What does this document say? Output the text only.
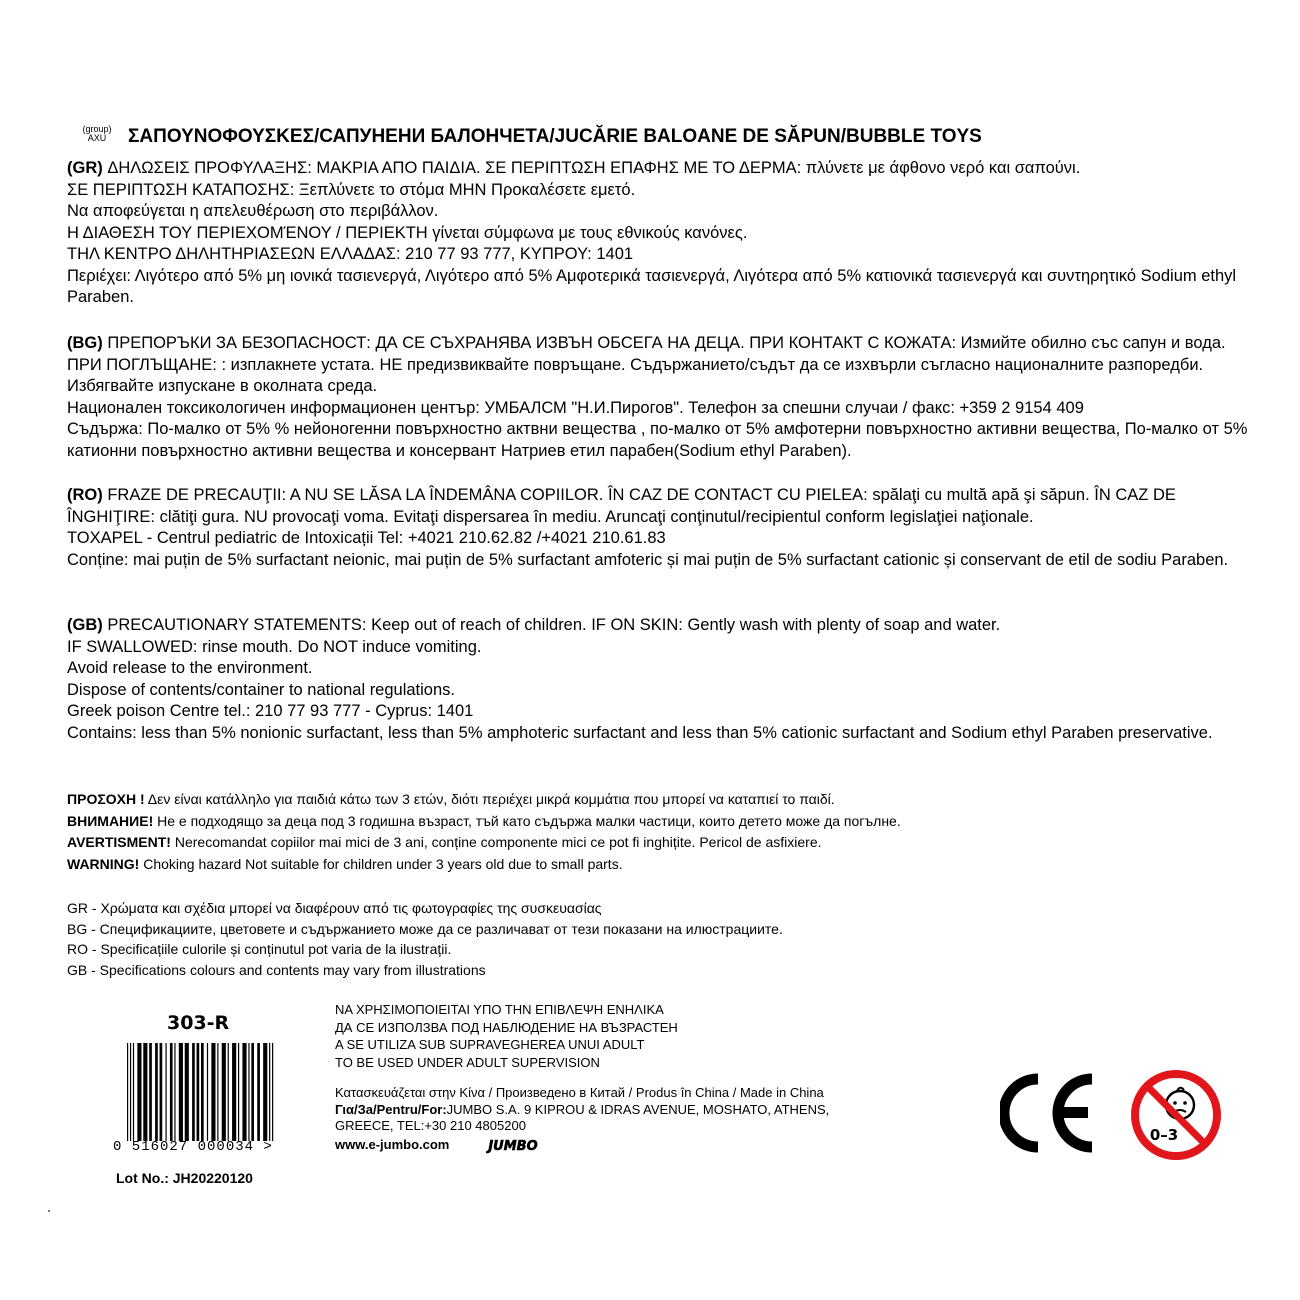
(group)
AXU	ΣΑΠΟΥΝΟΦΟΥΣΚΕΣ/САПУНЕНИ БАЛОНЧЕТА/JUCĂRIE BALOANE DE SĂPUN/BUBBLE TOYS

(GR) ΔΗΛΩΣΕΙΣ ΠΡΟΦΥΛΑΞΗΣ: ΜΑΚΡΙΑ ΑΠΟ ΠΑΙΔΙΑ. ΣΕ ΠΕΡΙΠΤΩΣΗ ΕΠΑΦΗΣ ΜΕ ΤΟ ΔΕΡΜΑ: πλύνετε με άφθονο νερό και σαπούνι.

ΣΕ ΠΕΡΙΠΤΩΣΗ ΚΑΤΑΠΟΣΗΣ: Ξεπλύνετε το στόμα ΜΗΝ Προκαλέσετε εμετό.

Να αποφεύγεται η απελευθέρωση στο περιβάλλον.

Η ΔΙΑΘΕΣΗ ΤΟΥ ΠΕΡΙΕΧΟΜΈΝΟΥ / ΠΕΡΙΕΚΤΗ γίνεται σύμφωνα με τους εθνικούς κανόνες.

ΤΗΛ ΚΕΝΤΡΟ ΔΗΛΗΤΗΡΙΑΣΕΩΝ ΕΛΛΑΔΑΣ: 210 77 93 777, ΚΥΠΡΟΥ: 1401

Περιέχει: Λιγότερο από 5% μη ιονικά τασιενεργά, Λιγότερο από 5% Αμφοτερικά τασιενεργά, Λιγότερα από 5% κατιονικά τασιενεργά και συντηρητικό Sodium ethyl Paraben.

(BG) ПРЕПОРЪКИ ЗА БЕЗОПАСНОСТ: ДА СЕ СЪХРАНЯВА ИЗВЪН ОБСЕГА НА ДЕЦА. ПРИ КОНТАКТ С КОЖАТА: Измийте обилно със сапун и вода. ПРИ ПОГЛЪЩАНЕ: : изплакнете устата. НЕ предизвиквайте повръщане. Съдържанието/съдът да се изхвърли съгласно националните разпоредби. Избягвайте изпускане в околната среда.

Национален токсикологичен информационен център: УМБАЛСМ "Н.И.Пирогов". Телефон за спешни случаи / факс: +359 2 9154 409

Съдържа: По-малко от 5% % нейоногенни повърхностно актвни вещества , по-малко от 5% амфотерни повърхностно активни вещества, По-малко от 5% катионни повърхностно активни вещества и консервант Натриев етил парабен(Sodium ethyl Paraben).

(RO) FRAZE DE PRECAUŢII: A NU SE LĂSA LA ÎNDEMÂNA COPIILOR. ÎN CAZ DE CONTACT CU PIELEA: spălaţi cu multă apă şi săpun. ÎN CAZ DE ÎNGHIŢIRE: clătiţi gura. NU provocaţi voma. Evitaţi dispersarea în mediu. Aruncaţi conţinutul/recipientul conform legislaţiei naţionale.

TOXAPEL - Centrul pediatric de Intoxicații Tel: +4021 210.62.82 /+4021 210.61.83

Conține: mai puțin de 5% surfactant neionic, mai puțin de 5% surfactant amfoteric și mai puțin de 5% surfactant cationic și conservant de etil de sodiu Paraben.

(GB) PRECAUTIONARY STATEMENTS: Keep out of reach of children. IF ON SKIN: Gently wash with plenty of soap and water.

IF SWALLOWED: rinse mouth. Do NOT induce vomiting.

Avoid release to the environment.

Dispose of contents/container to national regulations.

Greek poison Centre tel.: 210 77 93 777 - Cyprus: 1401

Contains: less than 5% nonionic surfactant, less than 5% amphoteric surfactant and less than 5% cationic surfactant and Sodium ethyl Paraben preservative.

ΠΡΟΣΟΧΗ ! Δεν είναι κατάλληλο για παιδιά κάτω των 3 ετών, διότι περιέχει μικρά κομμάτια που μπορεί να καταπιεί το παιδί.

ВНИМАНИЕ! Не е подходящо за деца под 3 годишна възраст, тъй като съдържа малки частици, които детето може да погълне.

AVERTISMENT! Nerecomandat copiilor mai mici de 3 ani, conține componente mici ce pot fi inghițite. Pericol de asfixiere.

WARNING! Choking hazard Not suitable for children under 3 years old due to small parts.

GR - Χρώματα και σχέδια μπορεί να διαφέρουν από τις φωτογραφίες της συσκευασίας

BG - Спецификациите, цветовете и съдържанието може да се различават от тези показани на илюстрациите.

RO - Specificațiile culorile și conținutul pot varia de la ilustrații.

GB - Specifications colours and contents may vary from illustrations

303-R
0 516027 000034 >
Lot No.: JH20220120

ΝΑ ΧΡΗΣΙΜΟΠΟΙΕΙΤΑΙ ΥΠΟ ΤΗΝ ΕΠΙΒΛΕΨΗ ΕΝΗΛΙΚΑ

ДА СЕ ИЗПОЛЗВА ПОД НАБЛЮДЕНИЕ НА ВЪЗРАСТЕН

A SE UTILIZA SUB SUPRAVEGHEREA UNUI ADULT

TO BE USED UNDER ADULT SUPERVISION

Κατασκευάζεται στην Κίνα / Произведено в Китай / Produs în China / Made in China

Για/За/Pentru/For:JUMBO S.A. 9 KIPROU & IDRAS AVENUE, MOSHATO, ATHENS,

GREECE, TEL:+30 210 4805200

www.e-jumbo.com	JUMBO
0–3
